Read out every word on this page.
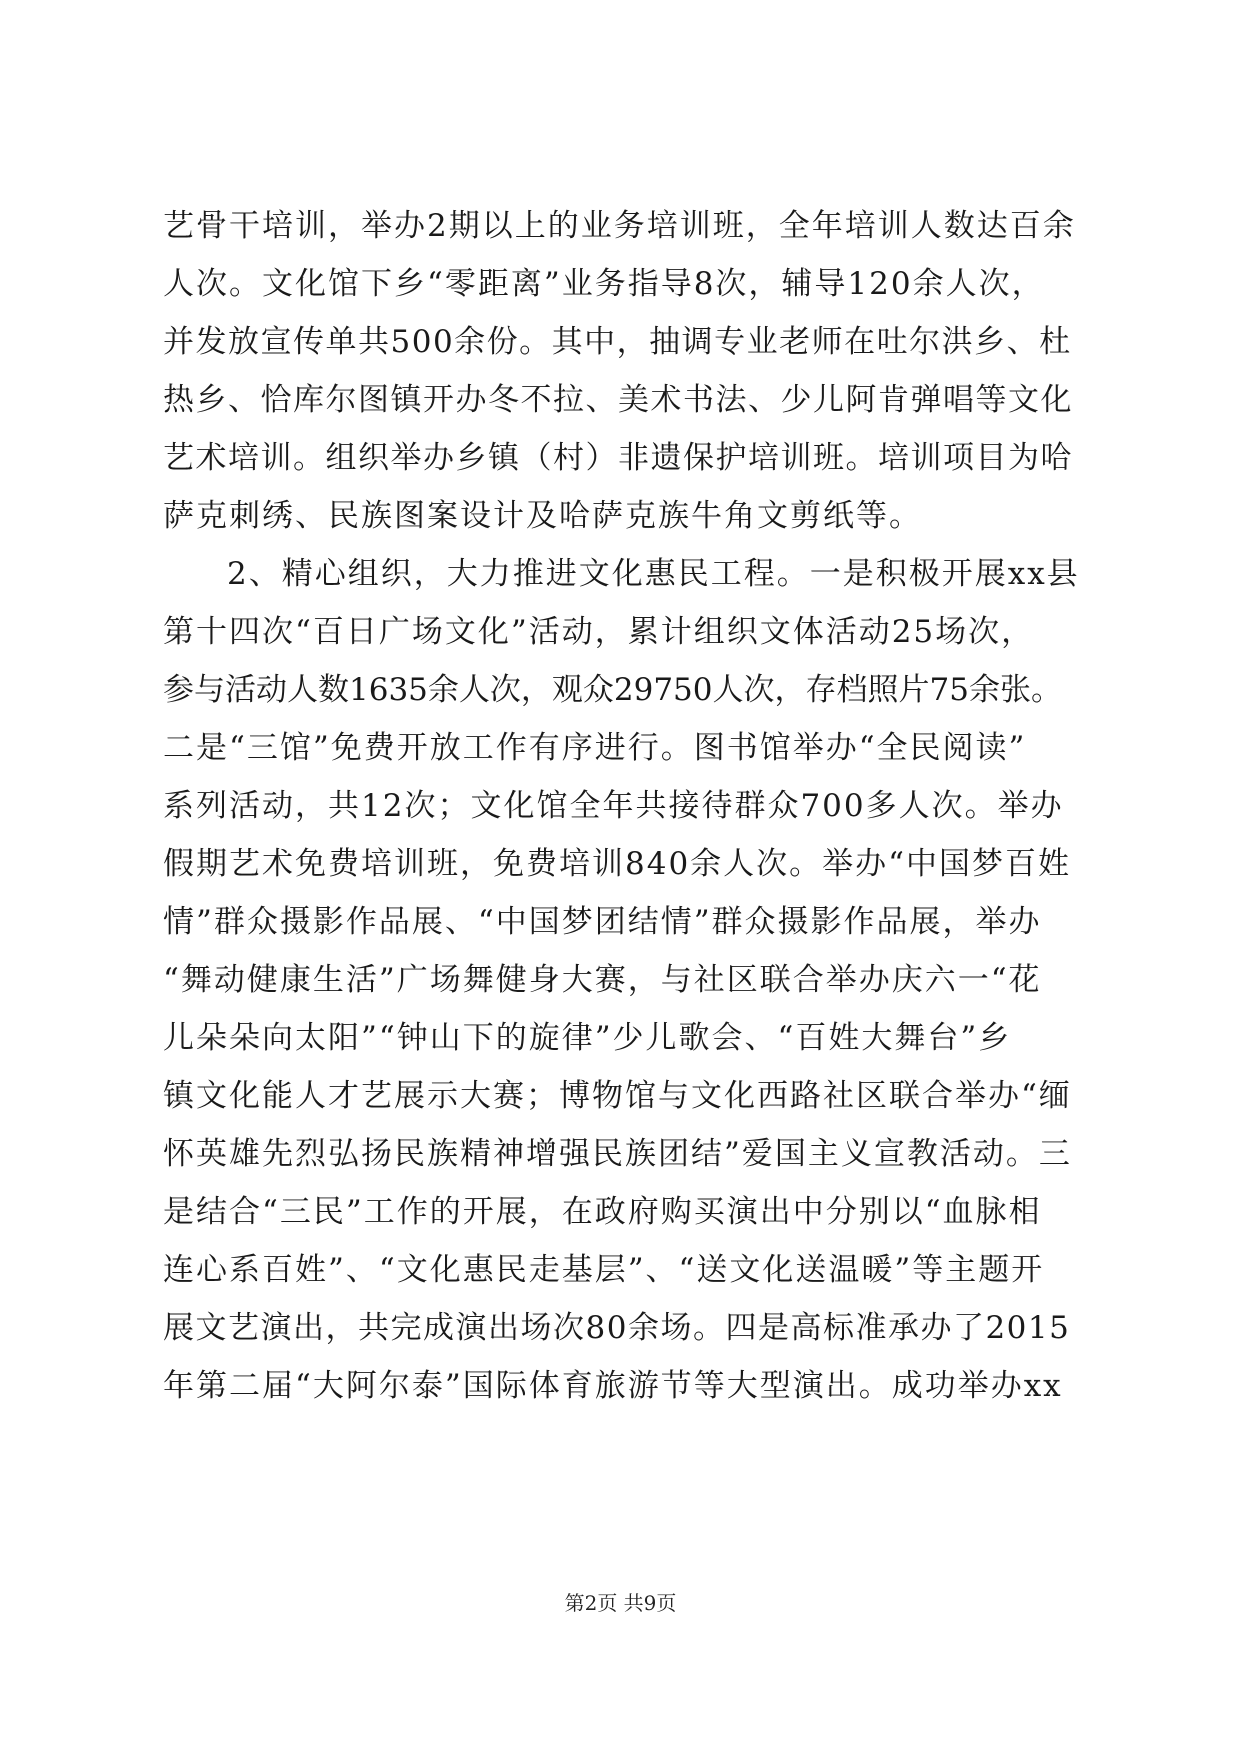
艺骨干培训，举办2期以上的业务培训班，全年培训人数达百余
人次。文化馆下乡“零距离”业务指导8次，辅导120余人次，
并发放宣传单共500余份。其中，抽调专业老师在吐尔洪乡、杜
热乡、恰库尔图镇开办冬不拉、美术书法、少儿阿肯弹唱等文化
艺术培训。组织举办乡镇（村）非遗保护培训班。培训项目为哈
萨克刺绣、民族图案设计及哈萨克族牛角文剪纸等。
2、精心组织，大力推进文化惠民工程。一是积极开展xx县
第十四次“百日广场文化”活动，累计组织文体活动25场次，
参与活动人数1635余人次，观众29750人次，存档照片75余张。
二是“三馆”免费开放工作有序进行。图书馆举办“全民阅读”
系列活动，共12次；文化馆全年共接待群众700多人次。举办
假期艺术免费培训班，免费培训840余人次。举办“中国梦百姓
情”群众摄影作品展、“中国梦团结情”群众摄影作品展，举办
“舞动健康生活”广场舞健身大赛，与社区联合举办庆六一“花
儿朵朵向太阳”“钟山下的旋律”少儿歌会、“百姓大舞台”乡
镇文化能人才艺展示大赛；博物馆与文化西路社区联合举办“缅
怀英雄先烈弘扬民族精神增强民族团结”爱国主义宣教活动。三
是结合“三民”工作的开展，在政府购买演出中分别以“血脉相
连心系百姓”、“文化惠民走基层”、“送文化送温暖”等主题开
展文艺演出，共完成演出场次80余场。四是高标准承办了2015
年第二届“大阿尔泰”国际体育旅游节等大型演出。成功举办xx
第2页 共9页
